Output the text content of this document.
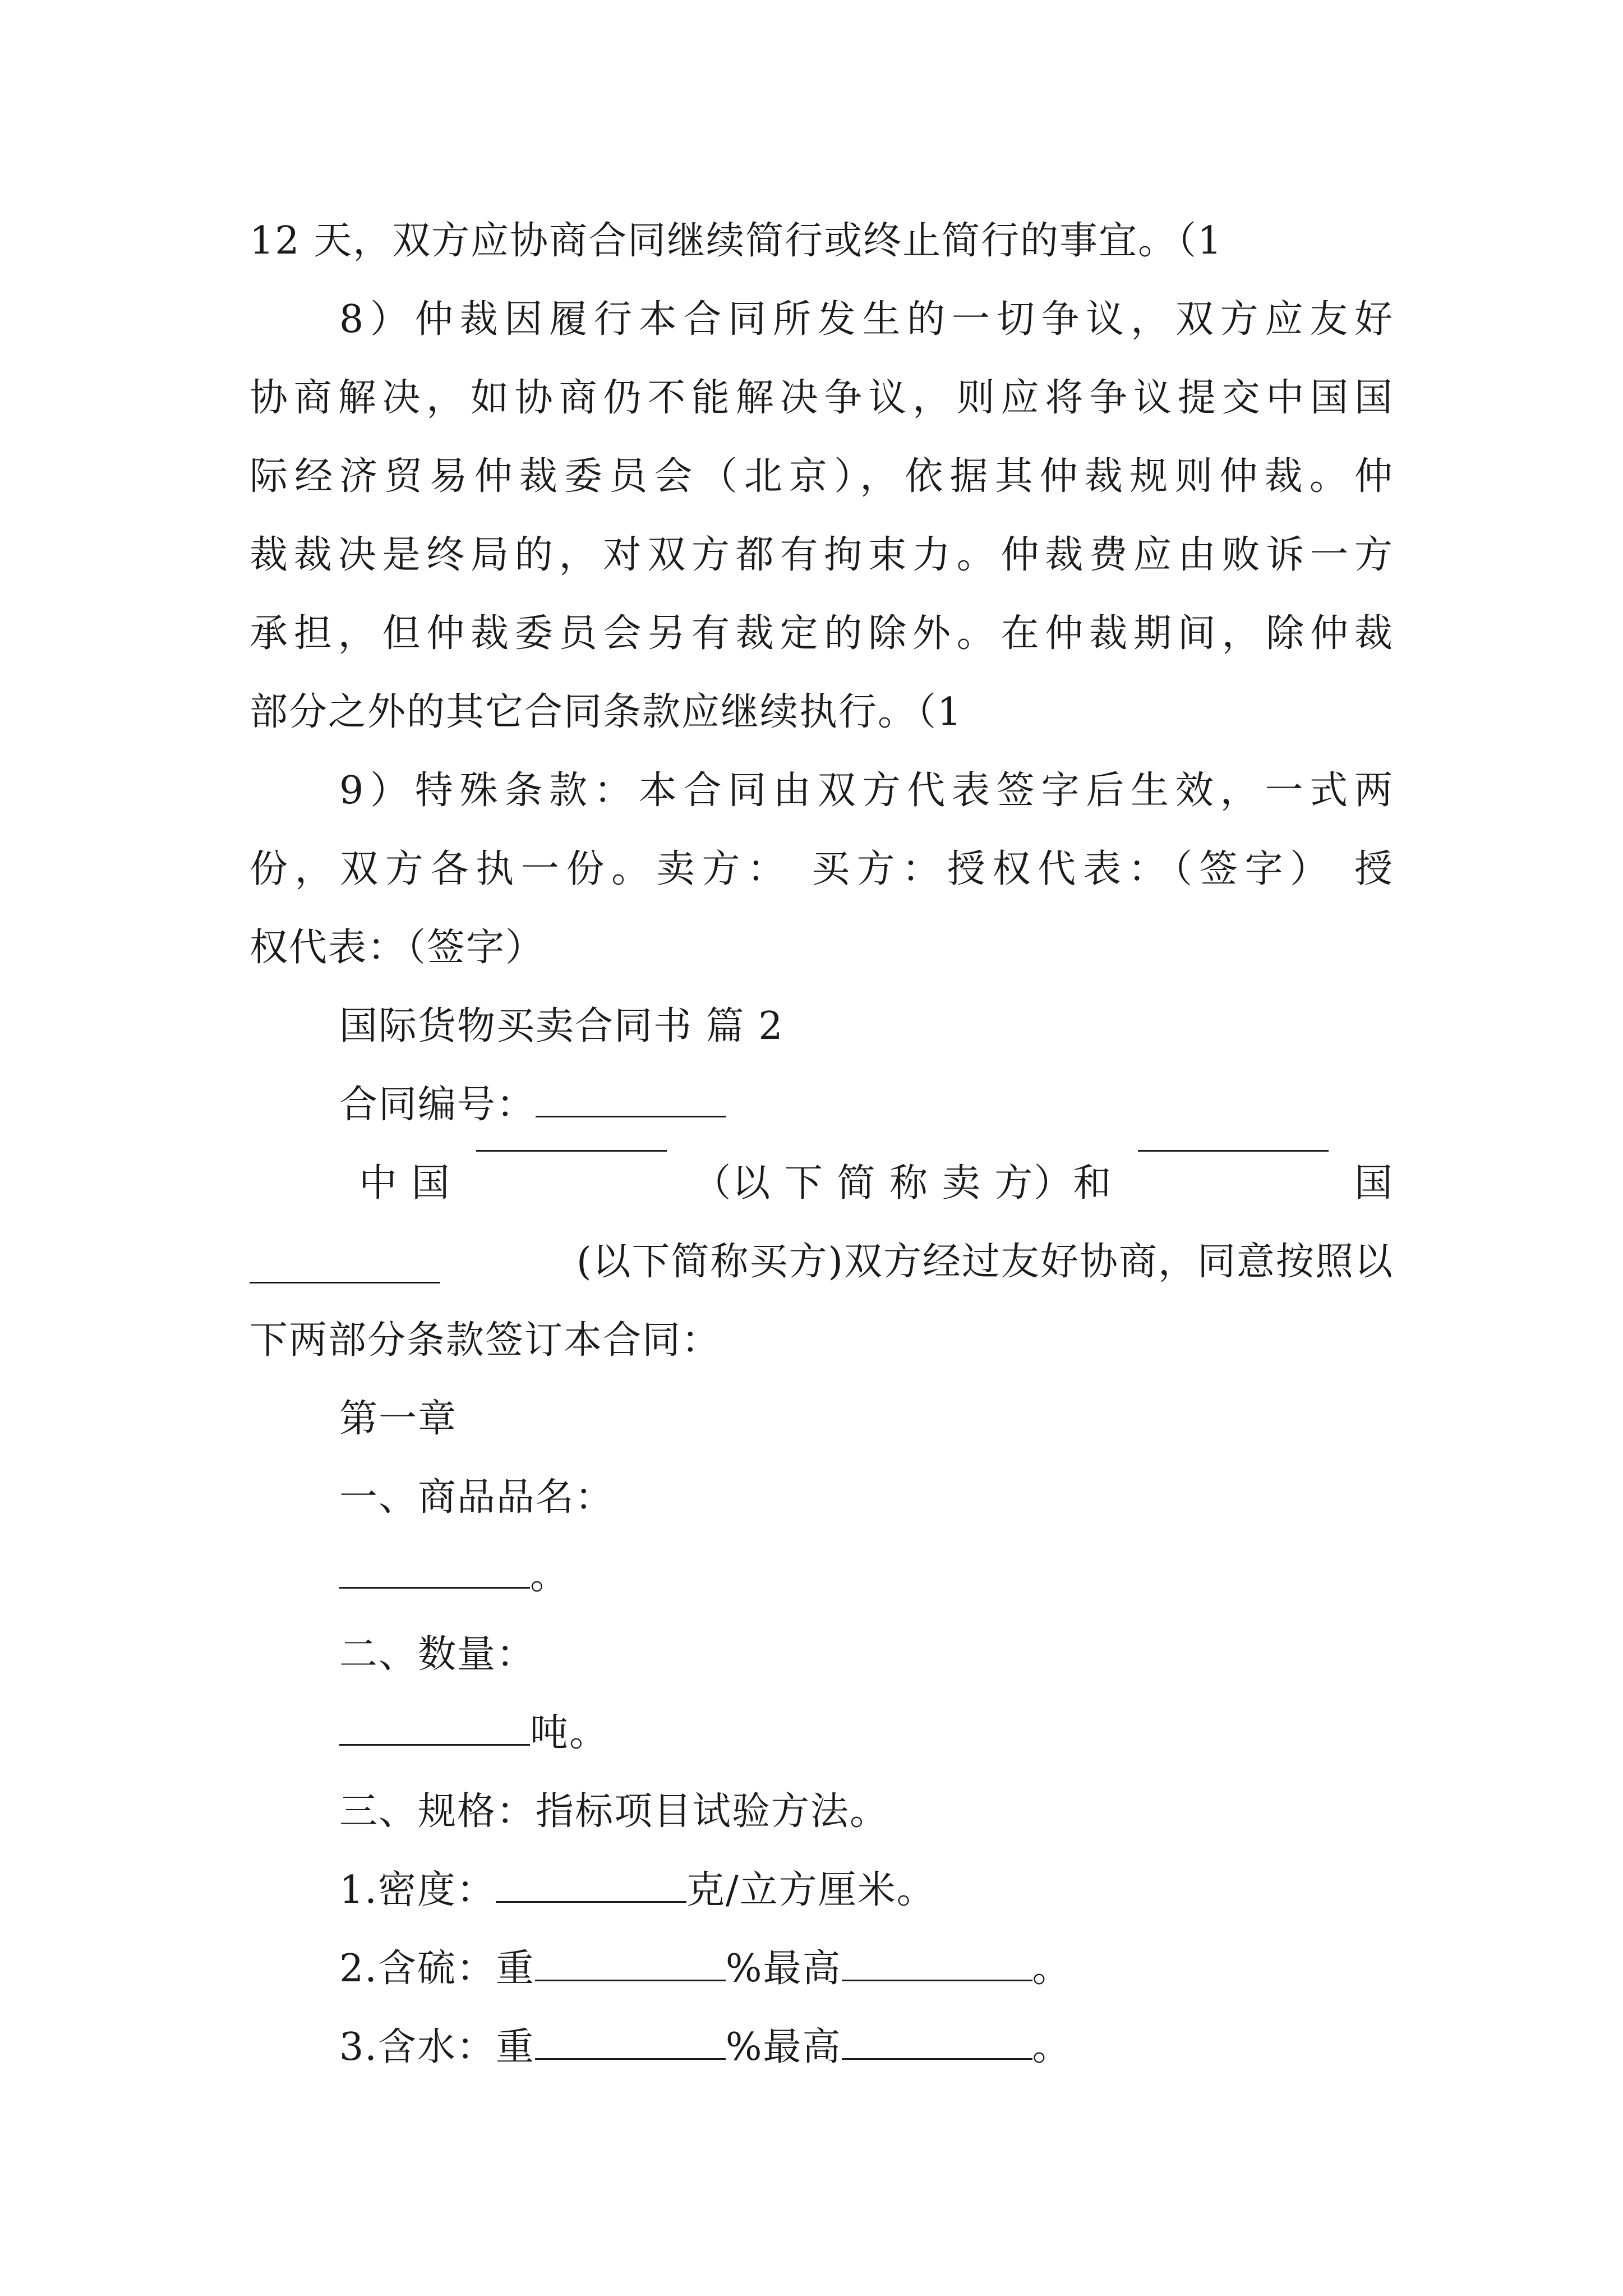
12 天，双方应协商合同继续简行或终止简行的事宜。（1
8）仲裁因履行本合同所发生的一切争议，双方应友好
协商解决，如协商仍不能解决争议，则应将争议提交中国国
际经济贸易仲裁委员会（北京），依据其仲裁规则仲裁。仲
裁裁决是终局的，对双方都有拘束力。仲裁费应由败诉一方
承担，但仲裁委员会另有裁定的除外。在仲裁期间，除仲裁
部分之外的其它合同条款应继续执行。（1
9）特殊条款：本合同由双方代表签字后生效，一式两
份，双方各执一份。卖方： 买方：授权代表：（签字） 授
权代表：（签字）
国际货物买卖合同书 篇 2
合同编号：
中 国	（以 下 简 称 卖 方）和	国
(以下简称买方)双方经过友好协商，同意按照以
下两部分条款签订本合同：
第一章
一、商品品名：
。
二、数量：
吨。
三、规格：指标项目试验方法。
1.密度：	克/立方厘米。
2.含硫：重	%最高	。
3.含水：重	%最高	。
